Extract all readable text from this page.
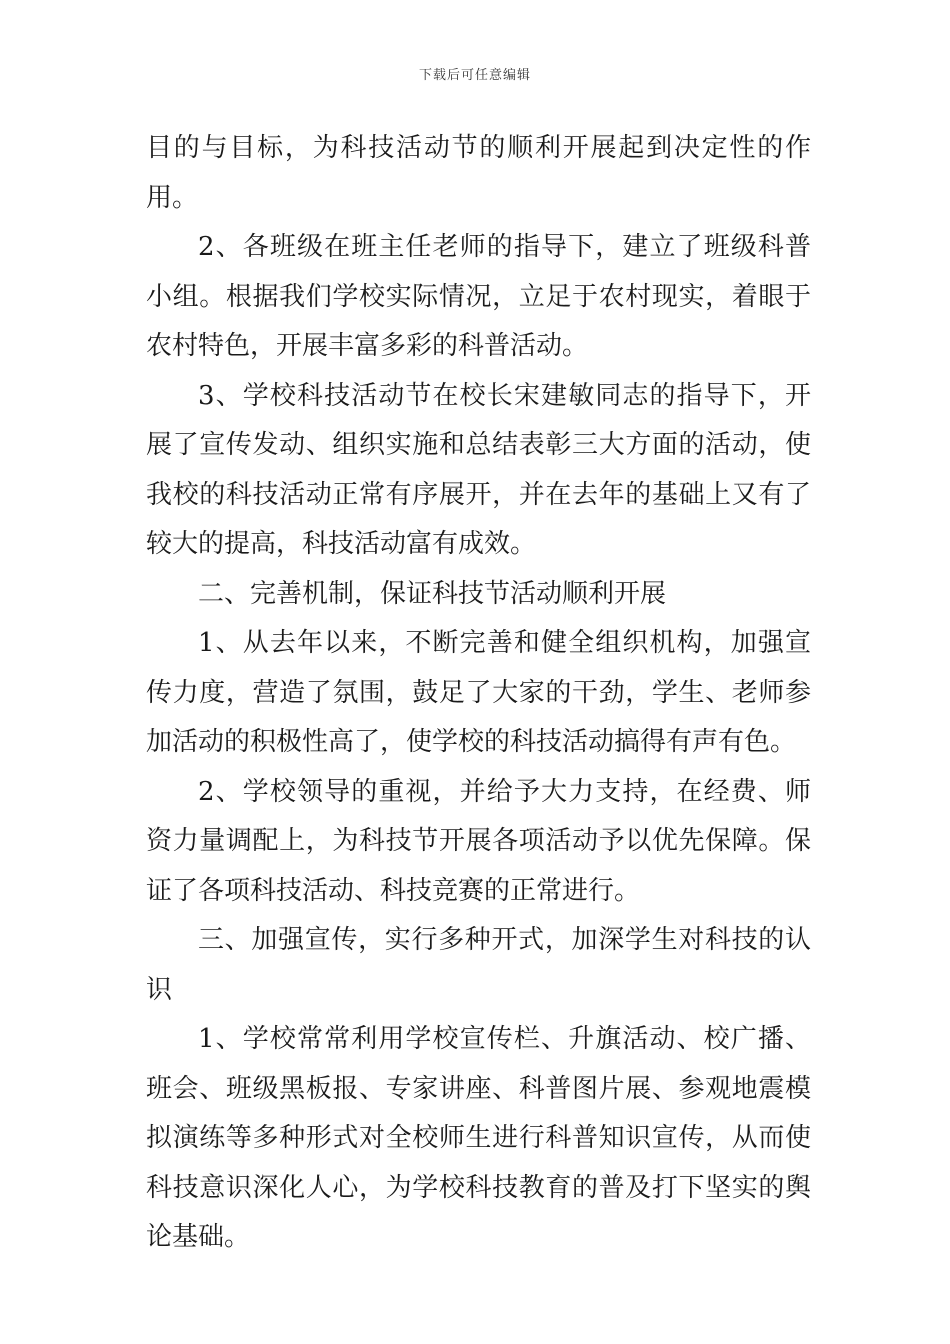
下载后可任意编辑

目的与目标，为科技活动节的顺利开展起到决定性的作用。

2、各班级在班主任老师的指导下，建立了班级科普小组。根据我们学校实际情况，立足于农村现实，着眼于农村特色，开展丰富多彩的科普活动。

3、学校科技活动节在校长宋建敏同志的指导下，开展了宣传发动、组织实施和总结表彰三大方面的活动，使我校的科技活动正常有序展开，并在去年的基础上又有了较大的提高，科技活动富有成效。

二、完善机制，保证科技节活动顺利开展

1、从去年以来，不断完善和健全组织机构，加强宣传力度，营造了氛围，鼓足了大家的干劲，学生、老师参加活动的积极性高了，使学校的科技活动搞得有声有色。

2、学校领导的重视，并给予大力支持，在经费、师资力量调配上，为科技节开展各项活动予以优先保障。保证了各项科技活动、科技竞赛的正常进行。

三、加强宣传，实行多种开式，加深学生对科技的认识

1、学校常常利用学校宣传栏、升旗活动、校广播、班会、班级黑板报、专家讲座、科普图片展、参观地震模拟演练等多种形式对全校师生进行科普知识宣传，从而使科技意识深化人心，为学校科技教育的普及打下坚实的舆论基础。
